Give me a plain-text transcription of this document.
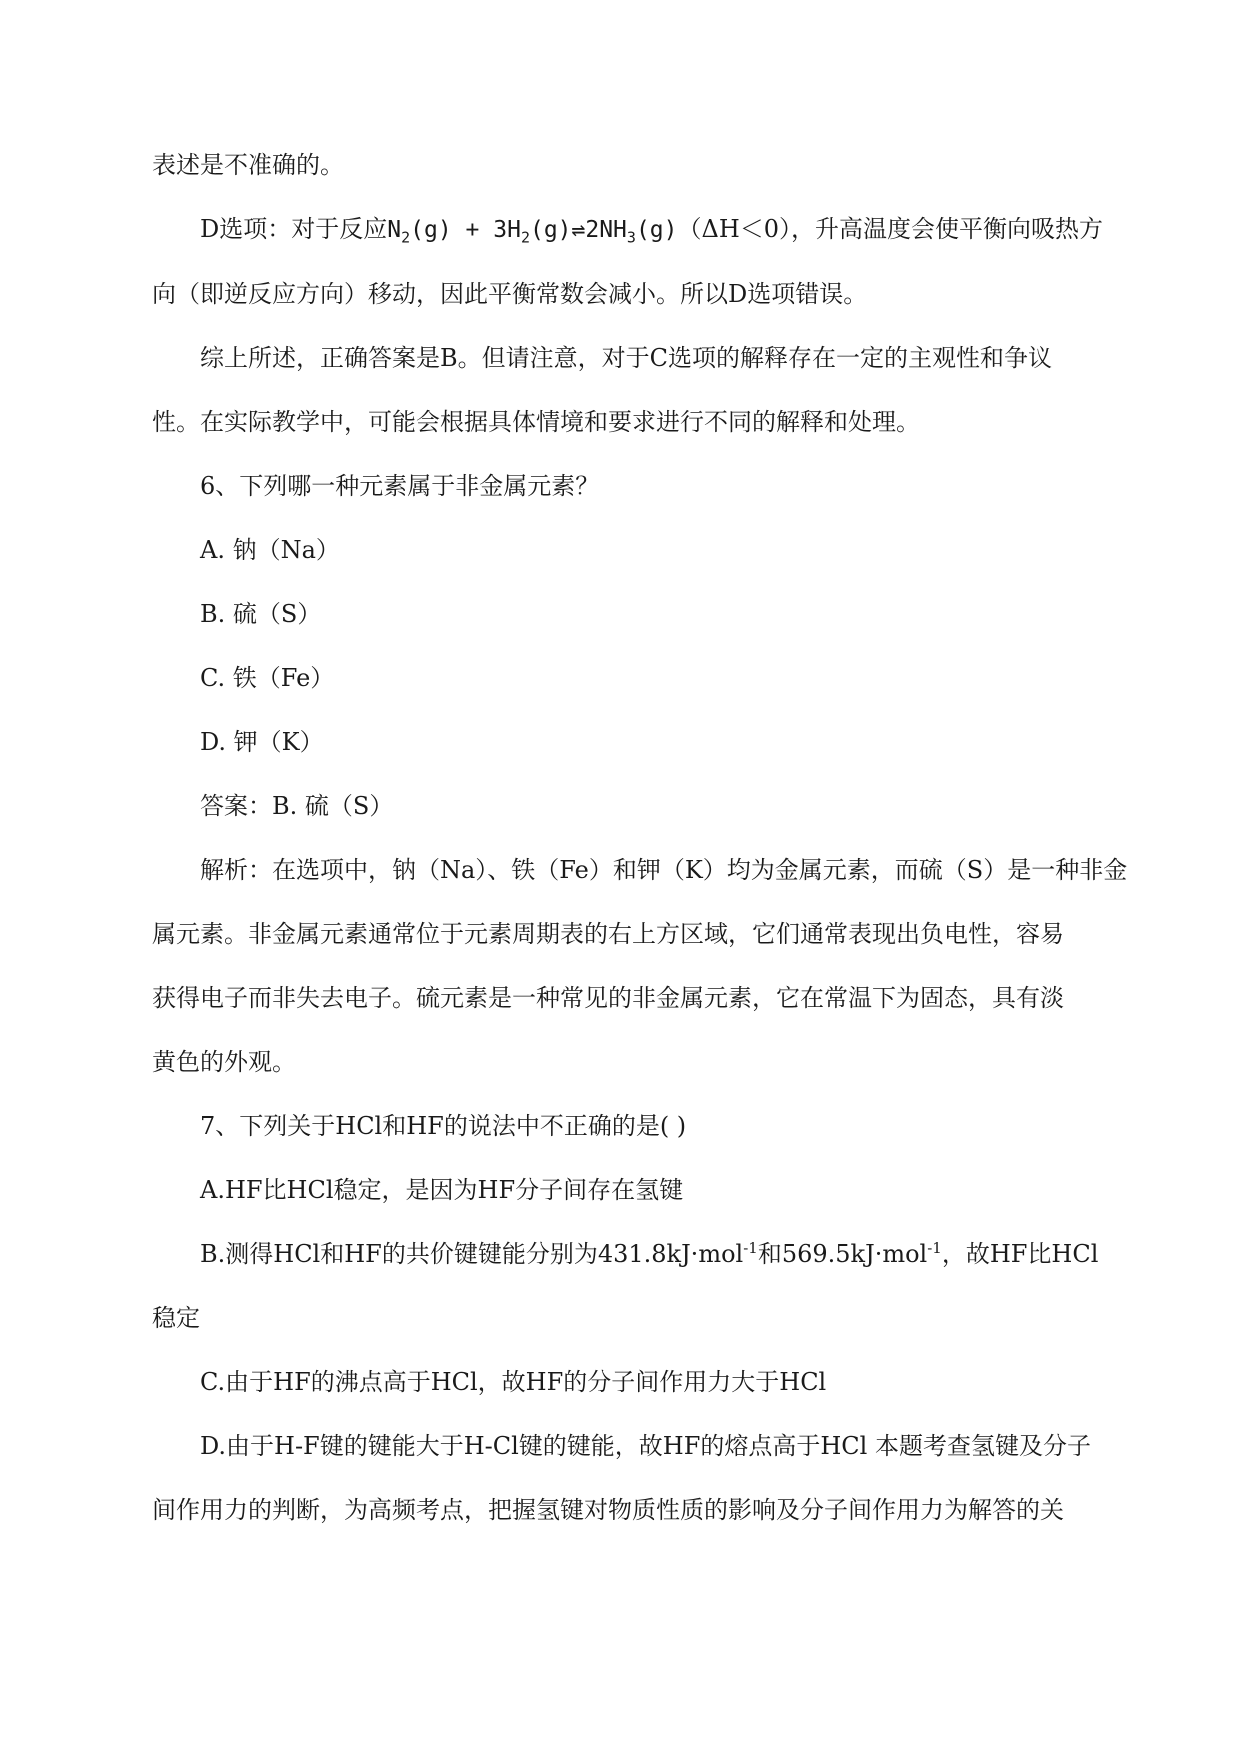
表述是不准确的。
D选项：对于反应$N_2(g)$ + $3H_2(g)\rightleftharpoons 2NH_3(g)(\Delta H<0)$，升高温度会使平衡向吸热方
向（即逆反应方向）移动，因此平衡常数会减小。所以D选项错误。
综上所述，正确答案是B。但请注意，对于C选项的解释存在一定的主观性和争议
性。在实际教学中，可能会根据具体情境和要求进行不同的解释和处理。
6、下列哪一种元素属于非金属元素？
A. 钠（Na）
B. 硫（S）
C. 铁（Fe）
D. 钾（K）
答案：B. 硫（S）
解析：在选项中，钠（Na）、铁（Fe）和钾（K）均为金属元素，而硫（S）是一种非金
属元素。非金属元素通常位于元素周期表的右上方区域，它们通常表现出负电性，容易
获得电子而非失去电子。硫元素是一种常见的非金属元素，它在常温下为固态，具有淡
黄色的外观。
7、下列关于HCl和HF的说法中不正确的是( )
A.HF比HCl稳定，是因为HF分子间存在氢键
B.测得HCl和HF的共价键键能分别为431.8kJ·mol$^{-1}$和569.5kJ·mol$^{-1}$，故HF比HCl
稳定
C.由于HF的沸点高于HCl，故HF的分子间作用力大于HCl
D.由于H-F键的键能大于H-Cl键的键能，故HF的熔点高于HCl 本题考查氢键及分子
间作用力的判断，为高频考点，把握氢键对物质性质的影响及分子间作用力为解答的关
